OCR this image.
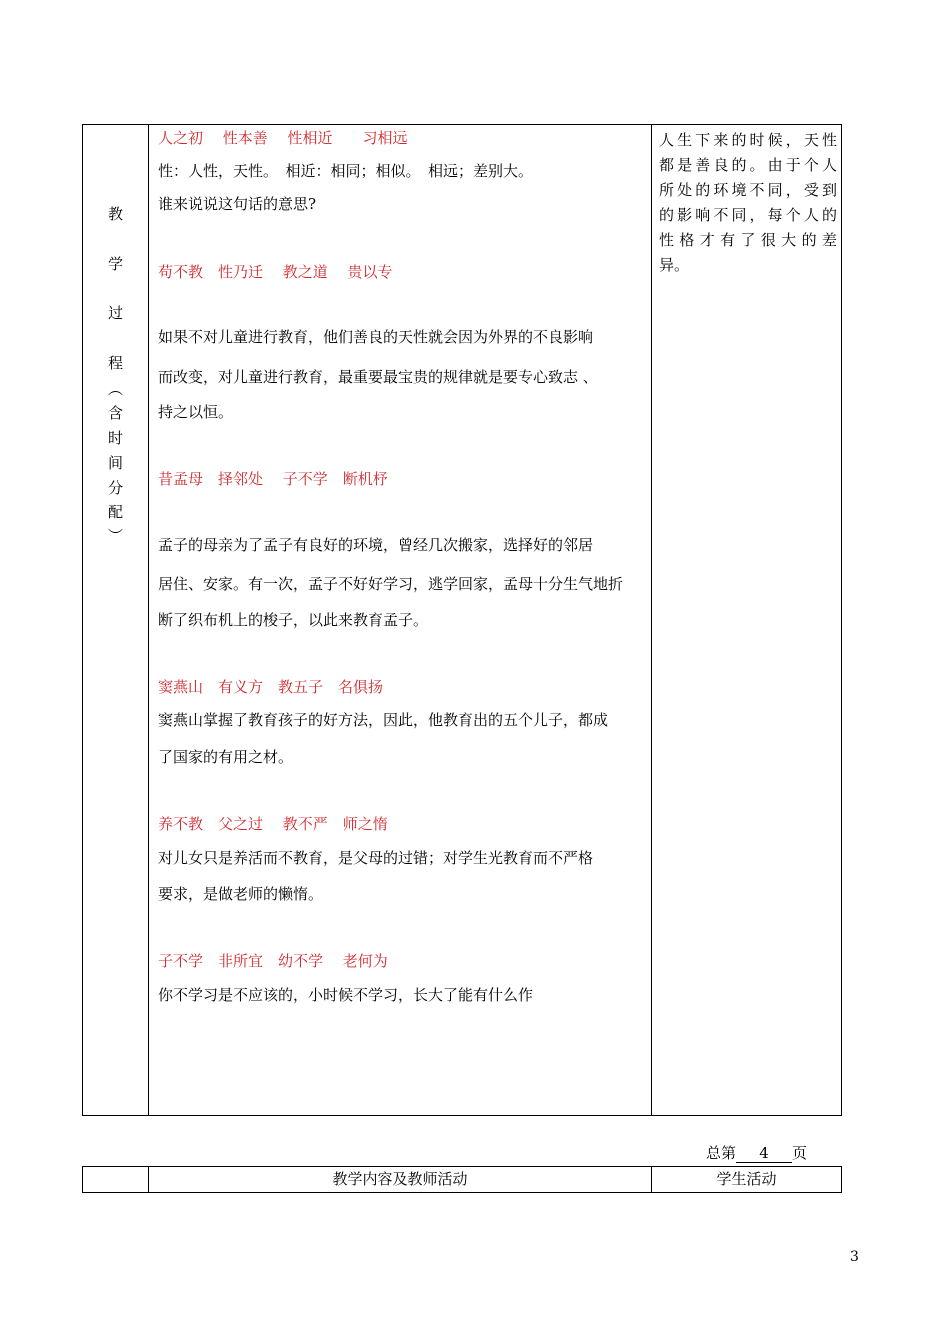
教
学
过
程
︵
含
时
间
分
配
︶
人之初　 性本善　 性相近　　习相远
性：人性，天性。　相近：相同；相似。　相远；差别大。
谁来说说这句话的意思?
苟不教　性乃迁　 教之道　 贵以专
如果不对儿童进行教育，他们善良的天性就会因为外界的不良影响
而改变，对儿童进行教育，最重要最宝贵的规律就是要专心致志 、
持之以恒。
昔孟母　择邻处　 子不学　断机杼
孟子的母亲为了孟子有良好的环境，曾经几次搬家，选择好的邻居
居住、安家。有一次，孟子不好好学习，逃学回家，孟母十分生气地折
断了织布机上的梭子，以此来教育孟子。
窦燕山　有义方　教五子　名俱扬
窦燕山掌握了教育孩子的好方法，因此，他教育出的五个儿子，都成
了国家的有用之材。
养不教　父之过　 教不严　师之惰
对儿女只是养活而不教育，是父母的过错；对学生光教育而不严格
要求，是做老师的懒惰。
子不学　非所宜　幼不学　 老何为
你不学习是不应该的，小时候不学习，长大了能有什么作
人生下来的时候，天性
都是善良的。由于个人
所处的环境不同，受到
的影响不同，每个人的
性格才有了很大的差
异。
总第 4 页
教学内容及教师活动	学生活动
3
